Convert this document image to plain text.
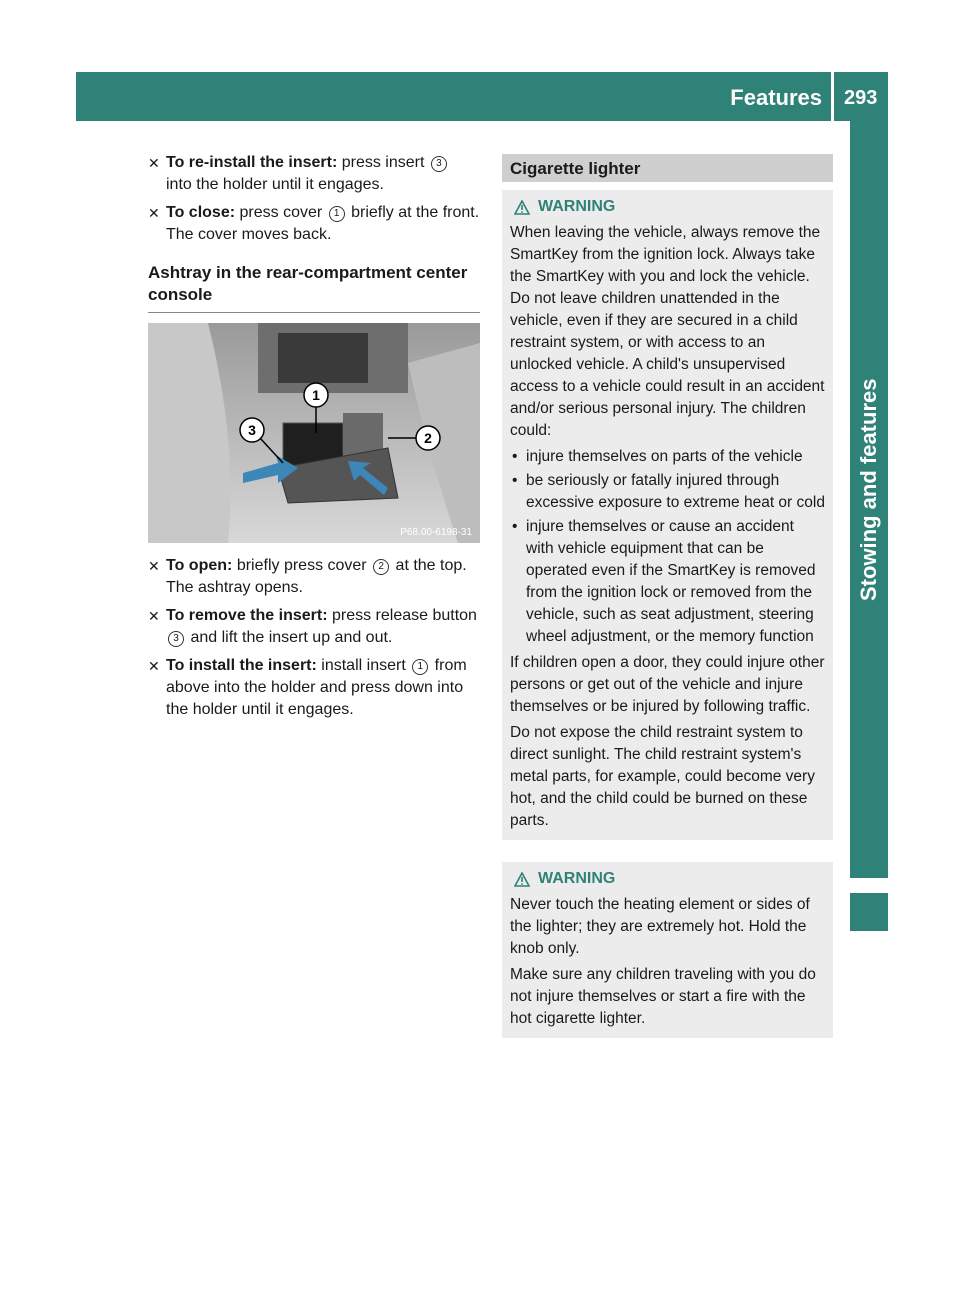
Features 293
Stowing and features
✕ To re-install the insert: press insert 3
into the holder until it engages.
✕ To close: press cover 1 briefly at the front.
The cover moves back.
Ashtray in the rear-compartment center console
1
2
3
P68.00-6198-31
✕ To open: briefly press cover 2 at the top.
The ashtray opens.
✕ To remove the insert: press release button 3 and lift the insert up and out.
✕ To install the insert: install insert 1 from above into the holder and press down into the holder until it engages.
Cigarette lighter
WARNING

When leaving the vehicle, always remove the SmartKey from the ignition lock. Always take the SmartKey with you and lock the vehicle. Do not leave children unattended in the vehicle, even if they are secured in a child restraint system, or with access to an unlocked vehicle. A child's unsupervised access to a vehicle could result in an accident and/or serious personal injury. The children could:

• injure themselves on parts of the vehicle
• be seriously or fatally injured through excessive exposure to extreme heat or cold
• injure themselves or cause an accident with vehicle equipment that can be operated even if the SmartKey is removed from the ignition lock or removed from the vehicle, such as seat adjustment, steering wheel adjustment, or the memory function

If children open a door, they could injure other persons or get out of the vehicle and injure themselves or be injured by following traffic.

Do not expose the child restraint system to direct sunlight. The child restraint system's metal parts, for example, could become very hot, and the child could be burned on these parts.

WARNING

Never touch the heating element or sides of the lighter; they are extremely hot. Hold the knob only.

Make sure any children traveling with you do not injure themselves or start a fire with the hot cigarette lighter.
